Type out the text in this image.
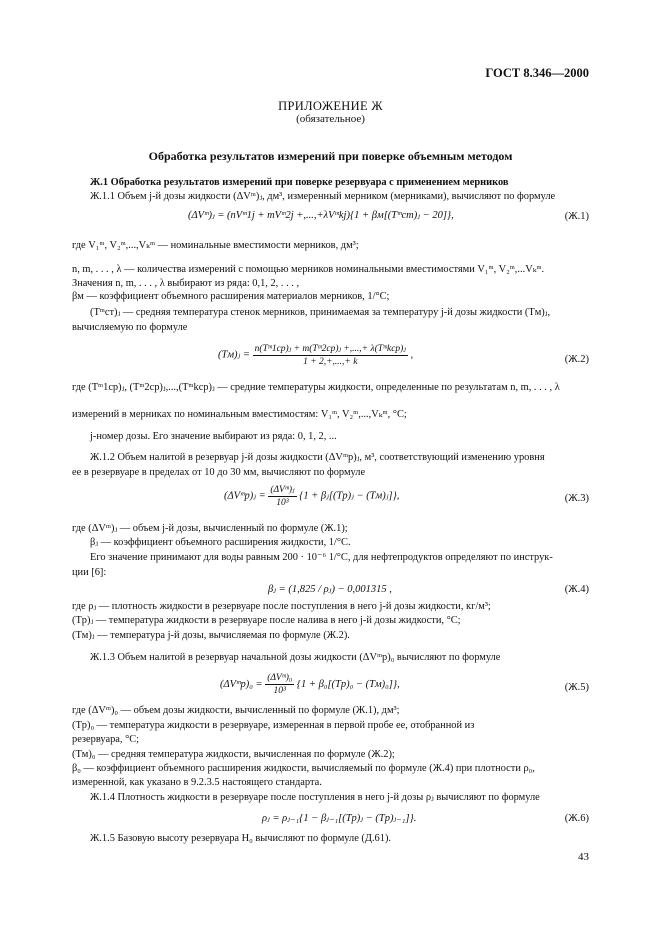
ГОСТ 8.346—2000
ПРИЛОЖЕНИЕ Ж
(обязательное)
Обработка результатов измерений при поверке объемным методом
Ж.1 Обработка результатов измерений при поверке резервуара с применением мерников
Ж.1.1 Объем j-й дозы жидкости (ΔVᵐ)ⱼ, дм³, измеренный мерником (мерниками), вычисляют по формуле
(ΔVᵐ)ⱼ = (nVᵐ1j + mVᵐ2j +,...,+λVᵐkj){1 + βм[(Tᵐст)ⱼ − 20]},	(Ж.1)
где V₁ᵐ, V₂ᵐ,...,Vₖᵐ — номинальные вместимости мерников, дм³;
n, m, . . . , λ — количества измерений с помощью мерников номинальными вместимостями V₁ᵐ, V₂ᵐ,...Vₖᵐ.
Значения n, m, . . . , λ выбирают из ряда: 0,1, 2, . . . ,
βм — коэффициент объемного расширения материалов мерников, 1/°С;
(Tᵐст)ⱼ — средняя температура стенок мерников, принимаемая за температуру j-й дозы жидкости (Tм)ⱼ,
вычисляемую по формуле
(Tм)ⱼ = $\frac{\text{n(Tᵐ1ср)ⱼ + m(Tᵐ2ср)ⱼ +,...,+ λ(Tᵐkср)ⱼ}}{1 + 2,+,...,+ k}$ ,	(Ж.2)
где (Tᵐ1ср)ⱼ, (Tᵐ2ср)ⱼ,...,(Tᵐkср)ⱼ — средние температуры жидкости, определенные по результатам n, m, . . . , λ
измерений в мерниках по номинальным вместимостям: V₁ᵐ, V₂ᵐ,...,Vₖᵐ, °С;
j-номер дозы. Его значение выбирают из ряда: 0, 1, 2, ...
Ж.1.2 Объем налитой в резервуар j-й дозы жидкости (ΔVᵐр)ⱼ, м³, соответствующий изменению уровня
ее в резервуаре в пределах от 10 до 30 мм, вычисляют по формуле
(ΔVᵐр)ⱼ = $\frac{\text{(ΔVᵐ)ⱼ}}{\text{10³}} \{1$ + βⱼ[(Tр)ⱼ − (Tм)ⱼ]},	(Ж.3)
где (ΔVᵐ)ⱼ — объем j-й дозы, вычисленный по формуле (Ж.1);
βⱼ — коэффициент объемного расширения жидкости, 1/°С.
Его значение принимают для воды равным 200 · 10⁻⁶ 1/°С, для нефтепродуктов определяют по инструк-
ции [6]:
βⱼ = (1,825 / ρⱼ) − 0,001315 ,	(Ж.4)
где ρⱼ — плотность жидкости в резервуаре после поступления в него j-й дозы жидкости, кг/м³;
(Tр)ⱼ — температура жидкости в резервуаре после налива в него j-й дозы жидкости, °С;
(Tм)ⱼ — температура j-й дозы, вычисляемая по формуле (Ж.2).
Ж.1.3 Объем налитой в резервуар начальной дозы жидкости (ΔVᵐр)₀ вычисляют по формуле
(ΔVᵐр)₀ = $\frac{\text{(ΔVᵐ)₀}}{\text{10³}} \{1 + \beta_0[(Tр)_0 - (Tм)_0]\}$,	(Ж.5)
где (ΔVᵐ)₀ — объем дозы жидкости, вычисленный по формуле (Ж.1), дм³;
(Tр)₀ — температура жидкости в резервуаре, измеренная в первой пробе ее, отобранной из
резервуара, °С;
(Tм)₀ — средняя температура жидкости, вычисленная по формуле (Ж.2);
β₀ — коэффициент объемного расширения жидкости, вычисляемый по формуле (Ж.4) при плотности ρ₀,
измеренной, как указано в 9.2.3.5 настоящего стандарта.
Ж.1.4 Плотность жидкости в резервуаре после поступления в него j-й дозы ρⱼ вычисляют по формуле
ρⱼ = ρⱼ₋₁{1 − βⱼ₋₁[(Tр)ⱼ − (Tр)ⱼ₋₁]}.	(Ж.6)
Ж.1.5 Базовую высоту резервуара H₀ вычисляют по формуле (Д.61).
43
